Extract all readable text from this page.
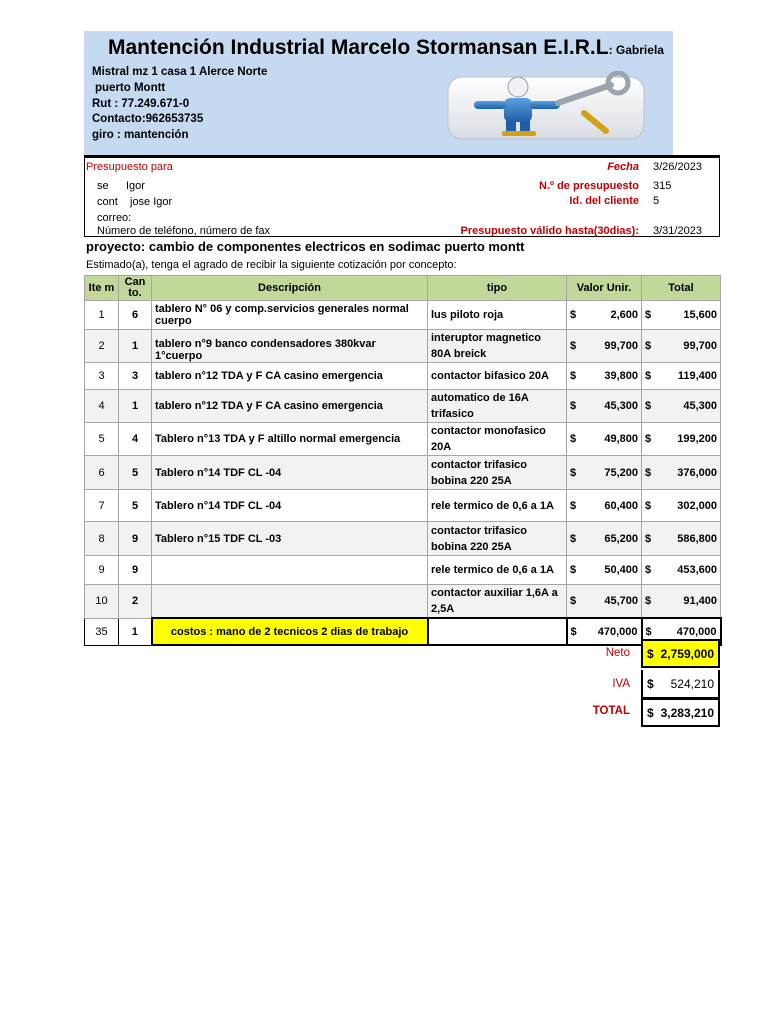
Mantención Industrial Marcelo Stormansan E.I.R.L: Gabriela
Mistral mz 1 casa 1 Alerce Norte
puerto Montt
Rut : 77.249.671-0
Contacto:962653735
giro : mantención
Presupuesto para
se Igor
cont jose Igor
correo:
Número de teléfono, número de fax
Fecha 3/26/2023
N.º de presupuesto 315
Id. del cliente 5
Presupuesto válido hasta(30dias): 3/31/2023
proyecto: cambio de componentes electricos en sodimac puerto montt
Estimado(a), tenga el agrado de recibir la siguiente cotización por concepto:
Ite m	Can to.	Descripción	tipo	Valor Unir.	Total
1	6	tablero N° 06 y comp.servicios generales normal cuerpo	lus piloto roja	$ 2,600	$ 15,600

2	1	tablero n°9 banco condensadores 380kvar 1°cuerpo	interuptor magnetico 80A breick	$ 99,700	$ 99,700

3	3	tablero n°12 TDA y F CA casino emergencia	contactor bifasico 20A	$ 39,800	$ 119,400

4	1	tablero n°12 TDA y F CA casino emergencia	automatico de 16A trifasico	$ 45,300	$ 45,300

5	4	Tablero n°13 TDA y F altillo normal emergencia	contactor monofasico 20A	$ 49,800	$ 199,200

6	5	Tablero n°14 TDF CL -04	contactor trifasico bobina 220 25A	$ 75,200	$ 376,000

7	5	Tablero n°14 TDF CL -04	rele termico de 0,6 a 1A	$ 60,400	$ 302,000

8	9	Tablero n°15 TDF CL -03	contactor trifasico bobina 220 25A	$ 65,200	$ 586,800

9	9		rele termico de 0,6 a 1A	$ 50,400	$ 453,600

10	2		contactor auxiliar 1,6A a 2,5A	$ 45,700	$ 91,400

35	1	costos : mano de 2 tecnicos 2 dias de trabajo		$ 470,000	$ 470,000
Neto $ 2,759,000
IVA $ 524,210
TOTAL $ 3,283,210
